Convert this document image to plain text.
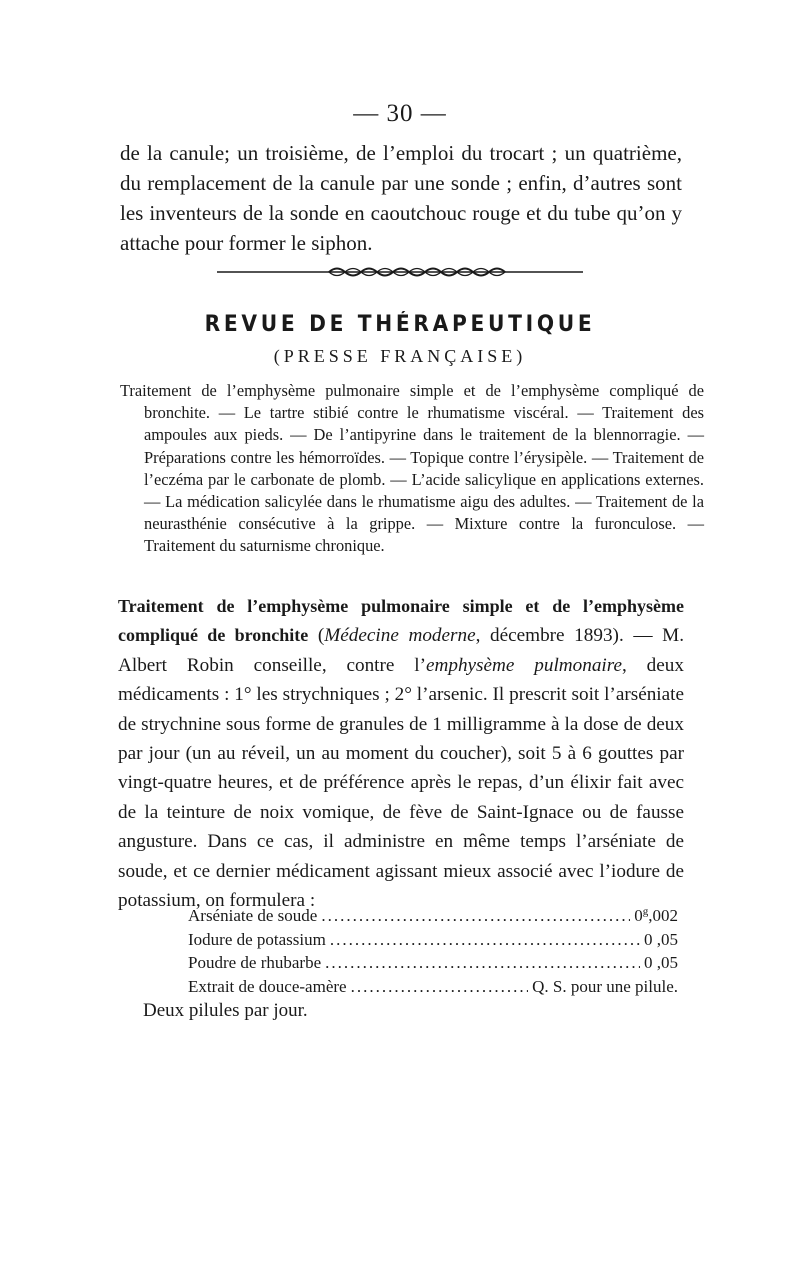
— 30 —

de la canule; un troisième, de l’emploi du trocart ; un quatrième, du remplacement de la canule par une sonde ; enfin, d’autres sont les inventeurs de la sonde en caoutchouc rouge et du tube qu’on y attache pour former le siphon.

REVUE DE THÉRAPEUTIQUE
(PRESSE FRANÇAISE)

Traitement de l’emphysème pulmonaire simple et de l’emphysème compliqué de bronchite. — Le tartre stibié contre le rhumatisme viscéral. — Traitement des ampoules aux pieds. — De l’antipyrine dans le traitement de la blennorragie. — Préparations contre les hémorroïdes. — Topique contre l’érysipèle. — Traitement de l’eczéma par le carbonate de plomb. — L’acide salicylique en applications externes. — La médication salicylée dans le rhumatisme aigu des adultes. — Traitement de la neurasthénie consécutive à la grippe. — Mixture contre la furonculose. — Traitement du saturnisme chronique.

Traitement de l’emphysème pulmonaire simple et de l’emphysème compliqué de bronchite (Médecine moderne, décembre 1893). — M. Albert Robin conseille, contre l’emphysème pulmonaire, deux médicaments : 1° les strychniques ; 2° l’arsenic. Il prescrit soit l’arséniate de strychnine sous forme de granules de 1 milligramme à la dose de deux par jour (un au réveil, un au moment du coucher), soit 5 à 6 gouttes par vingt-quatre heures, et de préférence après le repas, d’un élixir fait avec de la teinture de noix vomique, de fève de Saint-Ignace ou de fausse angusture. Dans ce cas, il administre en même temps l’arséniate de soude, et ce dernier médicament agissant mieux associé avec l’iodure de potassium, on formulera :

Arséniate de soude .....	0$^g$,002
Iodure de potassium .....	0 ,05
Poudre de rhubarbe .....	0 ,05
Extrait de douce-amère .....	Q. S. pour une pilule.
Deux pilules par jour.
